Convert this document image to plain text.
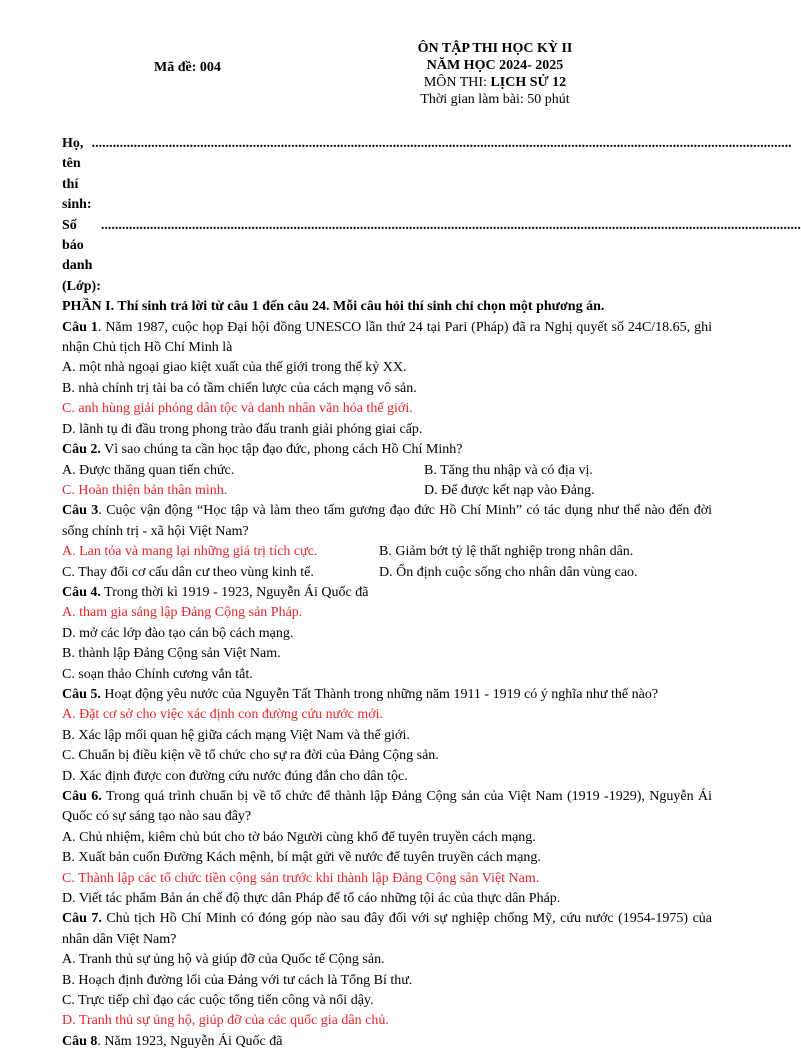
Mã đề: 004
ÔN TẬP THI HỌC KỲ II
NĂM HỌC 2024- 2025
MÔN THI: LỊCH SỬ 12
Thời gian làm bài: 50 phút
Họ, tên thí sinh:
........................................................................................................................................................................................................
Số báo danh (Lớp):
........................................................................................................................................................................................................
PHẦN I. Thí sinh trả lời từ câu 1 đến câu 24. Mỗi câu hỏi thí sinh chỉ chọn một phương án.
Câu 1. Năm 1987, cuộc họp Đại hội đồng UNESCO lần thứ 24 tại Pari (Pháp) đã ra Nghị quyết số 24C/18.65, ghi nhận Chủ tịch Hồ Chí Minh là
A. một nhà ngoại giao kiệt xuất của thế giới trong thế kỷ XX.
B. nhà chính trị tài ba có tầm chiến lược của cách mạng vô sản.
C. anh hùng giải phóng dân tộc và danh nhân văn hóa thế giới.
D. lãnh tụ đi đầu trong phong trào đấu tranh giải phóng giai cấp.
Câu 2. Vì sao chúng ta cần học tập đạo đức, phong cách Hồ Chí Minh?
A. Được thăng quan tiến chức.	B. Tăng thu nhập và có địa vị.
C. Hoàn thiện bản thân mình.	D. Để được kết nạp vào Đảng.
Câu 3. Cuộc vận động “Học tập và làm theo tấm gương đạo đức Hồ Chí Minh” có tác dụng như thế nào đến đời sống chính trị - xã hội Việt Nam?
A. Lan tỏa và mang lại những giá trị tích cực.	B. Giảm bớt tỷ lệ thất nghiệp trong nhân dân.
C. Thay đổi cơ cấu dân cư theo vùng kinh tế.	D. Ổn định cuộc sống cho nhân dân vùng cao.
Câu 4. Trong thời kì 1919 - 1923, Nguyễn Ái Quốc đã
A. tham gia sáng lập Đảng Cộng sản Pháp.
D. mở các lớp đào tạo cán bộ cách mạng.
B. thành lập Đảng Cộng sản Việt Nam.
C. soạn thảo Chính cương vắn tắt.
Câu 5. Hoạt động yêu nước của Nguyễn Tất Thành trong những năm 1911 - 1919 có ý nghĩa như thế nào?
A. Đặt cơ sở cho việc xác định con đường cứu nước mới.
B. Xác lập mối quan hệ giữa cách mạng Việt Nam và thế giới.
C. Chuẩn bị điều kiện về tổ chức cho sự ra đời của Đảng Cộng sản.
D. Xác định được con đường cứu nước đúng đắn cho dân tộc.
Câu 6. Trong quá trình chuẩn bị về tổ chức để thành lập Đảng Cộng sản của Việt Nam (1919 -1929), Nguyễn Ái Quốc có sự sáng tạo nào sau đây?
A. Chủ nhiệm, kiêm chủ bút cho tờ báo Người cùng khổ để tuyên truyền cách mạng.
B. Xuất bản cuốn Đường Kách mệnh, bí mật gửi về nước để tuyên truyền cách mạng.
C. Thành lập các tổ chức tiền cộng sản trước khi thành lập Đảng Cộng sản Việt Nam.
D. Viết tác phẩm Bản án chế độ thực dân Pháp để tố cáo những tội ác của thực dân Pháp.
Câu 7. Chủ tịch Hồ Chí Minh có đóng góp nào sau đây đối với sự nghiệp chống Mỹ, cứu nước (1954-1975) của nhân dân Việt Nam?
A. Tranh thủ sự ủng hộ và giúp đỡ của Quốc tế Cộng sản.
B. Hoạch định đường lối của Đảng với tư cách là Tổng Bí thư.
C. Trực tiếp chỉ đạo các cuộc tổng tiến công và nổi dậy.
D. Tranh thủ sự ủng hộ, giúp đỡ của các quốc gia dân chủ.
Câu 8. Năm 1923, Nguyễn Ái Quốc đã
